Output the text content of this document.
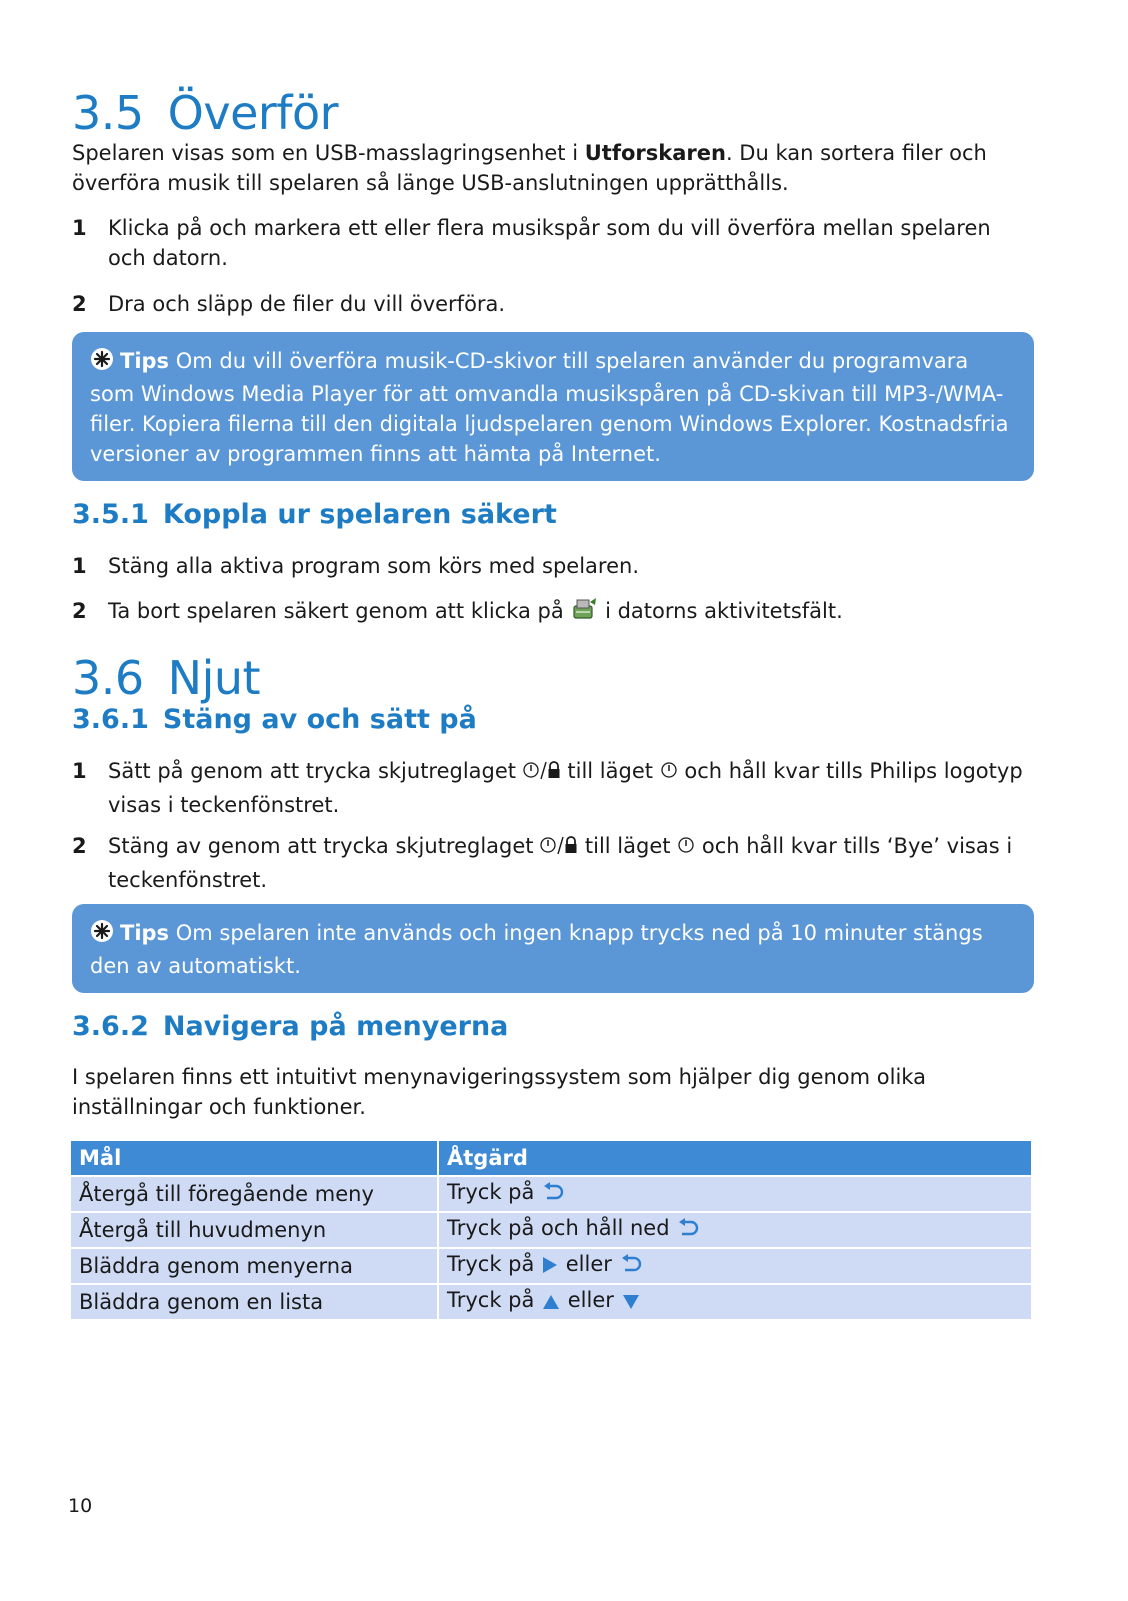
3.5 Överför

Spelaren visas som en USB-masslagringsenhet i Utforskaren. Du kan sortera filer och överföra musik till spelaren så länge USB-anslutningen upprätthålls.

1	Klicka på och markera ett eller flera musikspår som du vill överföra mellan spelaren och datorn.
2	Dra och släpp de filer du vill överföra.
Tips Om du vill överföra musik-CD-skivor till spelaren använder du programvara som Windows Media Player för att omvandla musikspåren på CD-skivan till MP3-/WMA-filer. Kopiera filerna till den digitala ljudspelaren genom Windows Explorer. Kostnadsfria versioner av programmen finns att hämta på Internet.
3.5.1 Koppla ur spelaren säkert
1	Stäng alla aktiva program som körs med spelaren.
2	Ta bort spelaren säkert genom att klicka på  i datorns aktivitetsfält.
3.6 Njut
3.6.1 Stäng av och sätt på
1	Sätt på genom att trycka skjutreglaget  till läget  och håll kvar tills Philips logotyp visas i teckenfönstret.
2	Stäng av genom att trycka skjutreglaget  till läget  och håll kvar tills ‘Bye’ visas i teckenfönstret.
Tips Om spelaren inte används och ingen knapp trycks ned på 10 minuter stängs den av automatiskt.
3.6.2 Navigera på menyerna

I spelaren finns ett intuitivt menynavigeringssystem som hjälper dig genom olika inställningar och funktioner.

Mål	Åtgärd
Återgå till föregående meny	Tryck på
Återgå till huvudmenyn	Tryck på och håll ned
Bläddra genom menyerna	Tryck på  eller
Bläddra genom en lista	Tryck på  eller
10
